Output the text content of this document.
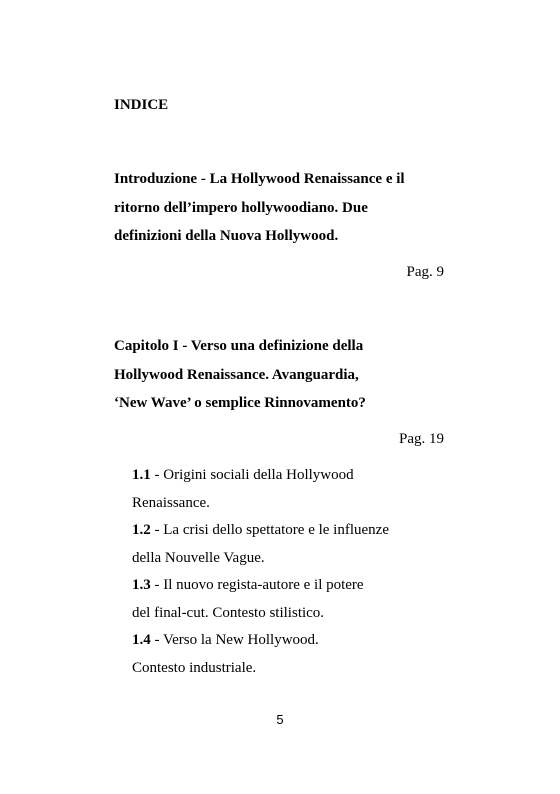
INDICE
Introduzione - La Hollywood Renaissance e il
ritorno dell’impero hollywoodiano. Due
definizioni della Nuova Hollywood.

Pag. 9

Capitolo I - Verso una definizione della
Hollywood Renaissance. Avanguardia,
‘New Wave’ o semplice Rinnovamento?

Pag. 19

1.1 - Origini sociali della Hollywood
Renaissance.
1.2 - La crisi dello spettatore e le influenze
della Nouvelle Vague.
1.3 - Il nuovo regista-autore e il potere
del final-cut. Contesto stilistico.
1.4 - Verso la New Hollywood.
Contesto industriale.
5
